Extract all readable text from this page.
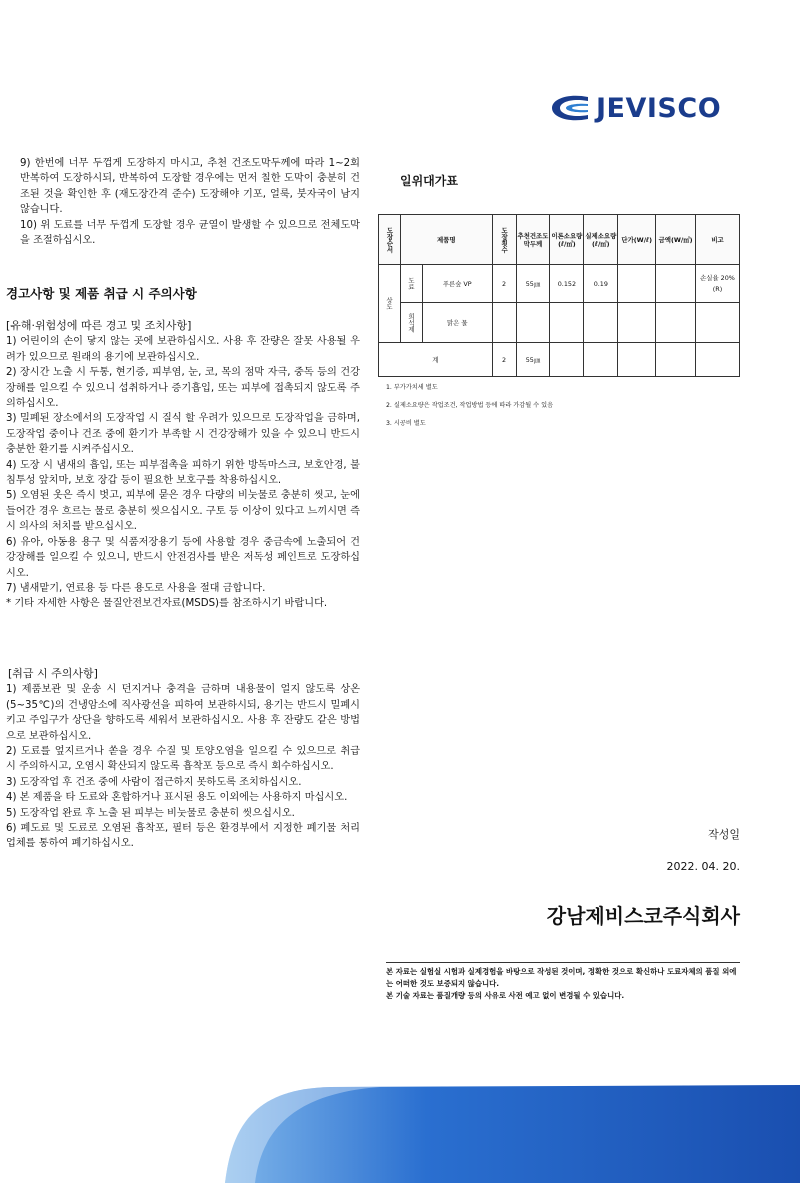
JEVISCO

9) 한번에 너무 두껍게 도장하지 마시고, 추천 건조도막두께에 따라 1~2회 반복하여 도장하시되, 반복하여 도장할 경우에는 먼저 칠한 도막이 충분히 건조된 것을 확인한 후 (재도장간격 준수) 도장해야 기포, 얼룩, 붓자국이 남지 않습니다.

10) 위 도료를 너무 두껍게 도장할 경우 균열이 발생할 수 있으므로 전체도막을 조절하십시오.

경고사항 및 제품 취급 시 주의사항
[유해·위험성에 따른 경고 및 조치사항]

1) 어린이의 손이 닿지 않는 곳에 보관하십시오. 사용 후 잔량은 잘못 사용될 우려가 있으므로 원래의 용기에 보관하십시오.

2) 장시간 노출 시 두통, 현기증, 피부염, 눈, 코, 목의 점막 자극, 중독 등의 건강장해를 일으킬 수 있으니 섭취하거나 증기흡입, 또는 피부에 접촉되지 않도록 주의하십시오.

3) 밀폐된 장소에서의 도장작업 시 질식 할 우려가 있으므로 도장작업을 금하며, 도장작업 중이나 건조 중에 환기가 부족할 시 건강장해가 있을 수 있으니 반드시 충분한 환기를 시켜주십시오.

4) 도장 시 냄새의 흡입, 또는 피부접촉을 피하기 위한 방독마스크, 보호안경, 불침투성 앞치마, 보호 장갑 등이 필요한 보호구를 착용하십시오.

5) 오염된 옷은 즉시 벗고, 피부에 묻은 경우 다량의 비눗물로 충분히 씻고, 눈에 들어간 경우 흐르는 물로 충분히 씻으십시오. 구토 등 이상이 있다고 느끼시면 즉시 의사의 처치를 받으십시오.

6) 유아, 아동용 용구 및 식품저장용기 등에 사용할 경우 중금속에 노출되어 건강장해를 일으킬 수 있으니, 반드시 안전검사를 받은 저독성 페인트로 도장하십시오.

7) 냄새맡기, 연료용 등 다른 용도로 사용을 절대 금합니다.

* 기타 자세한 사항은 물질안전보건자료(MSDS)를 참조하시기 바랍니다.

[취급 시 주의사항]

1) 제품보관 및 운송 시 던지거나 충격을 금하며 내용물이 얼지 않도록 상온(5~35℃)의 건냉암소에 직사광선을 피하여 보관하시되, 용기는 반드시 밀폐시키고 주입구가 상단을 향하도록 세워서 보관하십시오. 사용 후 잔량도 같은 방법으로 보관하십시오.

2) 도료를 엎지르거나 쏟을 경우 수질 및 토양오염을 일으킬 수 있으므로 취급 시 주의하시고, 오염시 확산되지 않도록 흡착포 등으로 즉시 회수하십시오.

3) 도장작업 후 건조 중에 사람이 접근하지 못하도록 조치하십시오.

4) 본 제품을 타 도료와 혼합하거나 표시된 용도 이외에는 사용하지 마십시오.

5) 도장작업 완료 후 노출 된 피부는 비눗물로 충분히 씻으십시오.

6) 폐도료 및 도료로 오염된 흡착포, 필터 등은 환경부에서 지정한 폐기물 처리업체를 통하여 폐기하십시오.

일위대가표
도장순서	제품명		도장횟수	추천건조도막두께	이론소요량(ℓ/㎡)	실제소요량(ℓ/㎡)	단가(W/ℓ)	금액(W/㎡)	비고
상도	도료	푸른숲 VP	2	55㎛	0.152	0.19			손실율 20%(R)
	희석제	맑은 물							
계			2	55㎛					
1. 부가가치세 별도
2. 실제소요량은 작업조건, 작업방법 등에 따라 가감될 수 있음
3. 시공비 별도
작성일
2022. 04. 20.
강남제비스코주식회사
본 자료는 실험실 시험과 실제경험을 바탕으로 작성된 것이며, 정확한 것으로 확신하나 도료자체의 품질 외에는 어떠한 것도 보증되지 않습니다.
본 기술 자료는 품질개량 등의 사유로 사전 예고 없이 변경될 수 있습니다.
